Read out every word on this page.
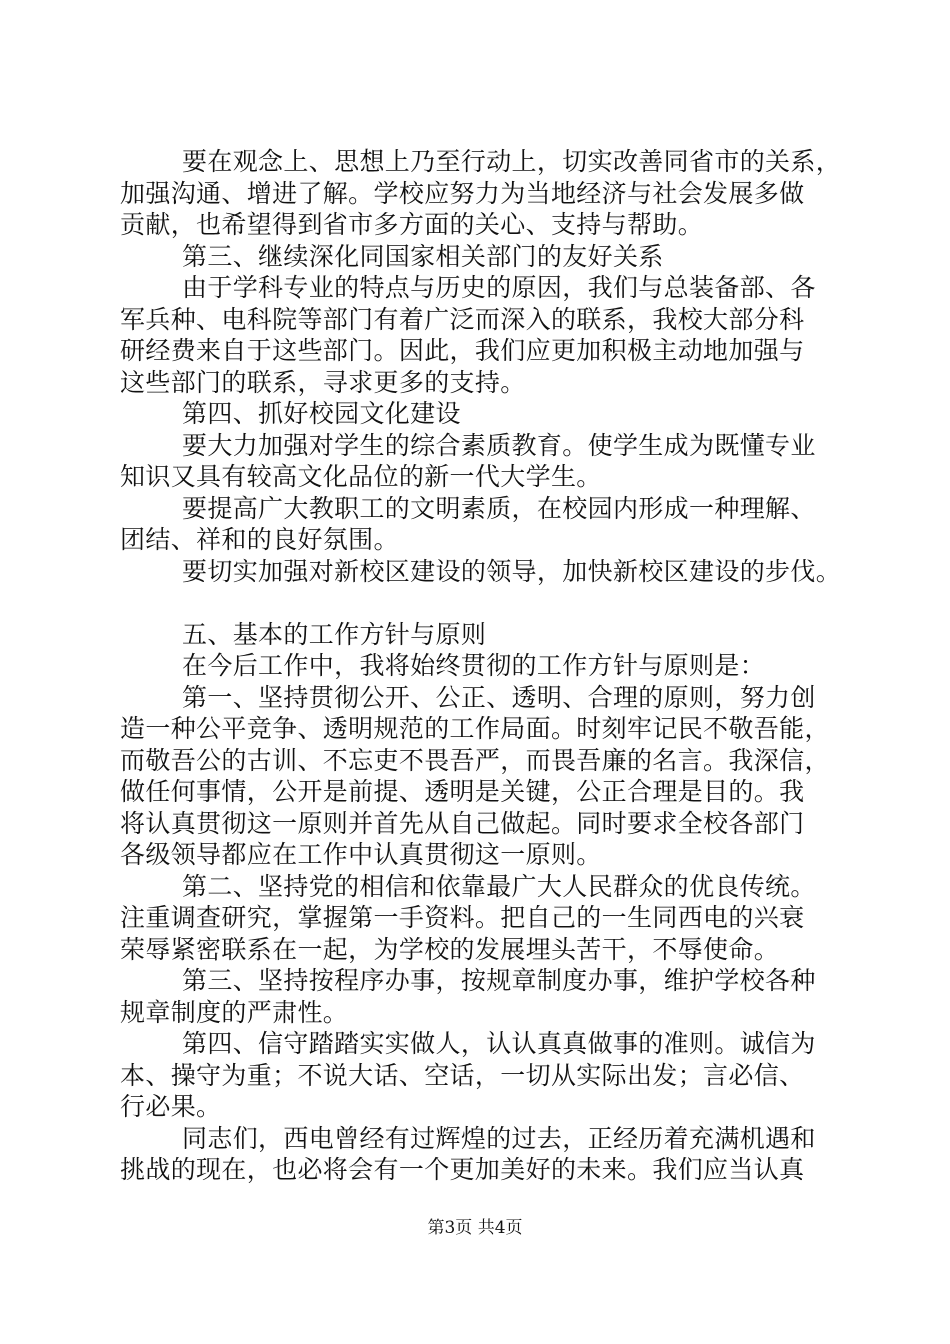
要在观念上、思想上乃至行动上，切实改善同省市的关系，
加强沟通、增进了解。学校应努力为当地经济与社会发展多做
贡献，也希望得到省市多方面的关心、支持与帮助。
第三、继续深化同国家相关部门的友好关系
由于学科专业的特点与历史的原因，我们与总装备部、各
军兵种、电科院等部门有着广泛而深入的联系，我校大部分科
研经费来自于这些部门。因此，我们应更加积极主动地加强与
这些部门的联系，寻求更多的支持。
第四、抓好校园文化建设
要大力加强对学生的综合素质教育。使学生成为既懂专业
知识又具有较高文化品位的新一代大学生。
要提高广大教职工的文明素质，在校园内形成一种理解、
团结、祥和的良好氛围。
要切实加强对新校区建设的领导，加快新校区建设的步伐。
五、基本的工作方针与原则
在今后工作中，我将始终贯彻的工作方针与原则是：
第一、坚持贯彻公开、公正、透明、合理的原则，努力创
造一种公平竞争、透明规范的工作局面。时刻牢记民不敬吾能，
而敬吾公的古训、不忘吏不畏吾严，而畏吾廉的名言。我深信，
做任何事情，公开是前提、透明是关键，公正合理是目的。我
将认真贯彻这一原则并首先从自己做起。同时要求全校各部门
各级领导都应在工作中认真贯彻这一原则。
第二、坚持党的相信和依靠最广大人民群众的优良传统。
注重调查研究，掌握第一手资料。把自己的一生同西电的兴衰
荣辱紧密联系在一起，为学校的发展埋头苦干，不辱使命。
第三、坚持按程序办事，按规章制度办事，维护学校各种
规章制度的严肃性。
第四、信守踏踏实实做人，认认真真做事的准则。诚信为
本、操守为重；不说大话、空话，一切从实际出发；言必信、
行必果。
同志们，西电曾经有过辉煌的过去，正经历着充满机遇和
挑战的现在，也必将会有一个更加美好的未来。我们应当认真
第3页 共4页
